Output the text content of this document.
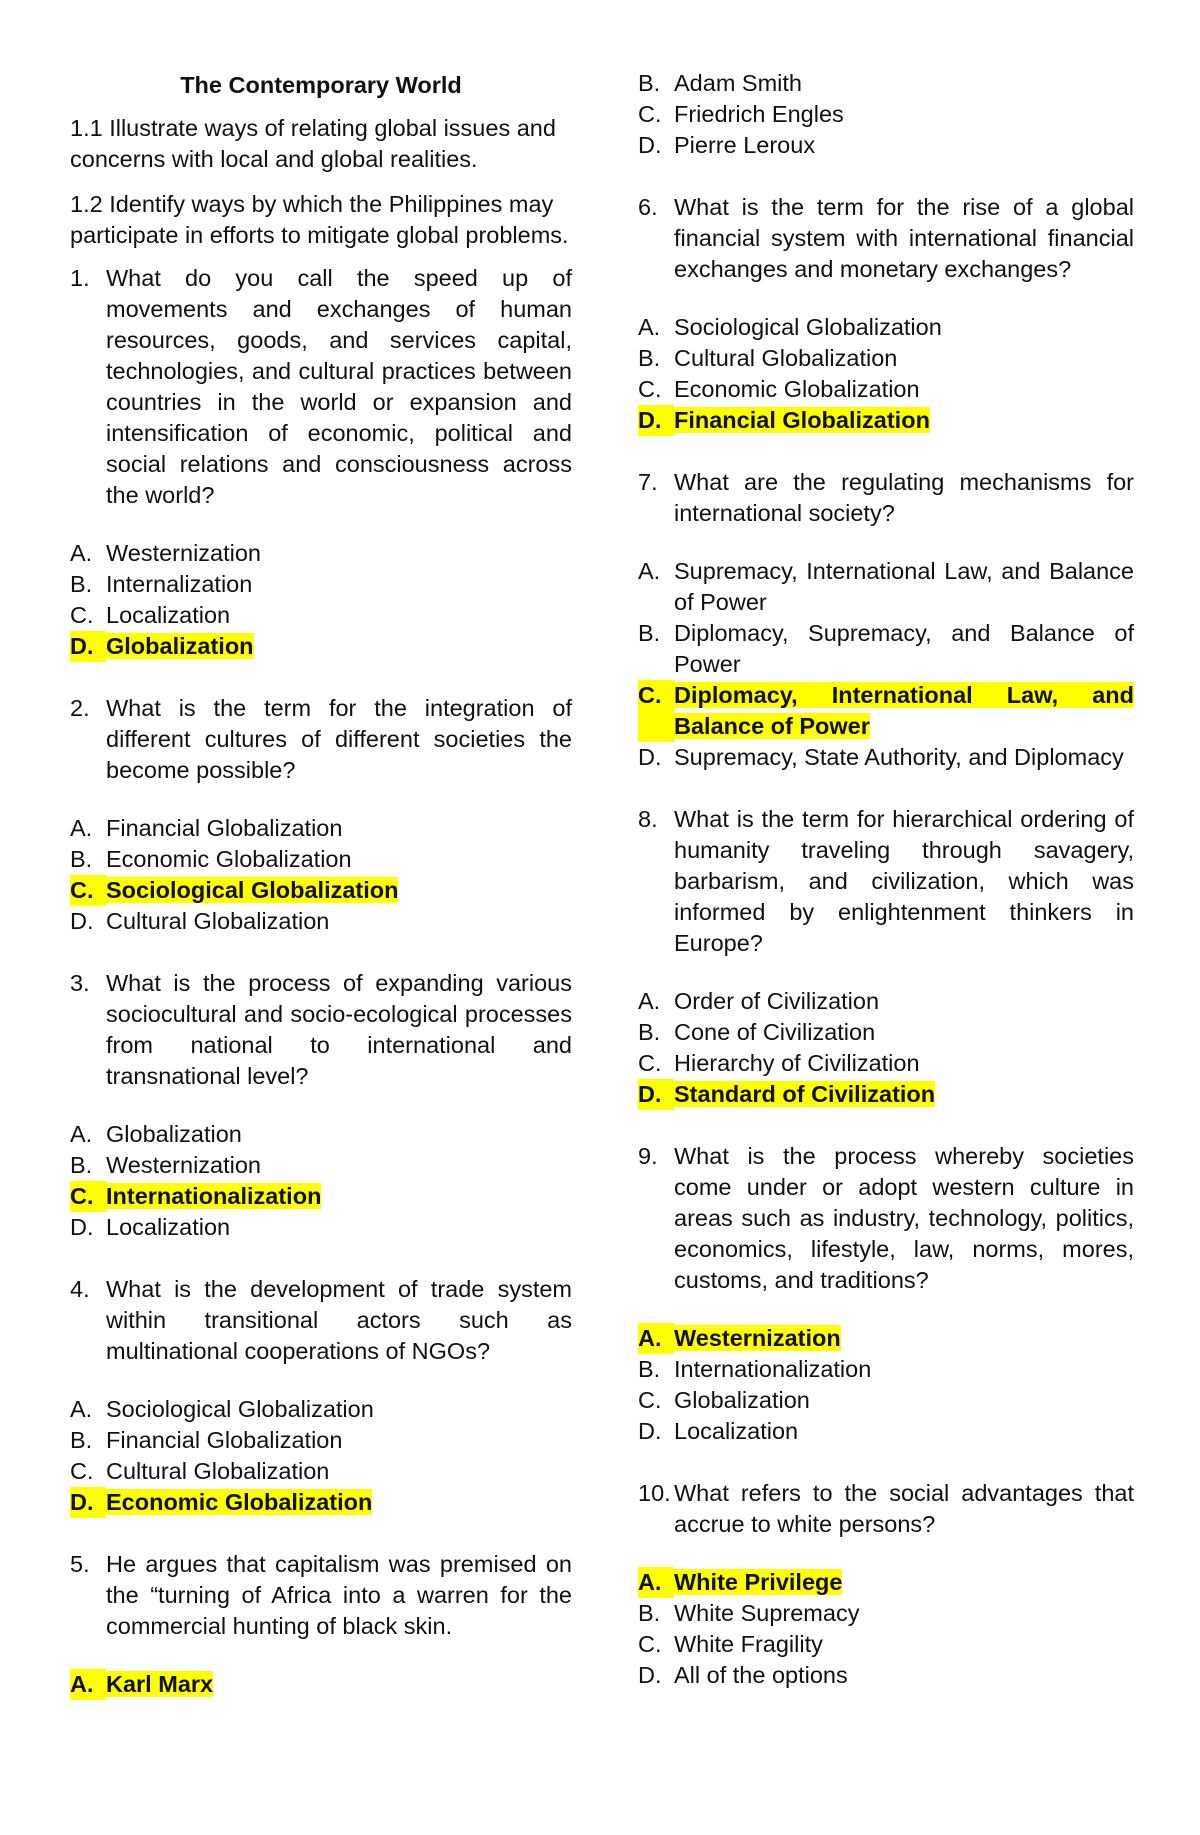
The Contemporary World

1.1 Illustrate ways of relating global issues and concerns with local and global realities.

1.2 Identify ways by which the Philippines may participate in efforts to mitigate global problems.

1. What do you call the speed up of movements and exchanges of human resources, goods, and services capital, technologies, and cultural practices between countries in the world or expansion and intensification of economic, political and social relations and consciousness across the world?
A. Westernization
B. Internalization
C. Localization
D. Globalization
2. What is the term for the integration of different cultures of different societies the become possible?
A. Financial Globalization
B. Economic Globalization
C. Sociological Globalization
D. Cultural Globalization
3. What is the process of expanding various sociocultural and socio-ecological processes from national to international and transnational level?
A. Globalization
B. Westernization
C. Internationalization
D. Localization
4. What is the development of trade system within transitional actors such as multinational cooperations of NGOs?
A. Sociological Globalization
B. Financial Globalization
C. Cultural Globalization
D. Economic Globalization
5. He argues that capitalism was premised on the “turning of Africa into a warren for the commercial hunting of black skin.
A. Karl Marx
B. Adam Smith
C. Friedrich Engles
D. Pierre Leroux
6. What is the term for the rise of a global financial system with international financial exchanges and monetary exchanges?
A. Sociological Globalization
B. Cultural Globalization
C. Economic Globalization
D. Financial Globalization
7. What are the regulating mechanisms for international society?
A. Supremacy, International Law, and Balance of Power
B. Diplomacy, Supremacy, and Balance of Power
C. Diplomacy, International Law, and Balance of Power
D. Supremacy, State Authority, and Diplomacy
8. What is the term for hierarchical ordering of humanity traveling through savagery, barbarism, and civilization, which was informed by enlightenment thinkers in Europe?
A. Order of Civilization
B. Cone of Civilization
C. Hierarchy of Civilization
D. Standard of Civilization
9. What is the process whereby societies come under or adopt western culture in areas such as industry, technology, politics, economics, lifestyle, law, norms, mores, customs, and traditions?
A. Westernization
B. Internationalization
C. Globalization
D. Localization
10. What refers to the social advantages that accrue to white persons?
A. White Privilege
B. White Supremacy
C. White Fragility
D. All of the options
